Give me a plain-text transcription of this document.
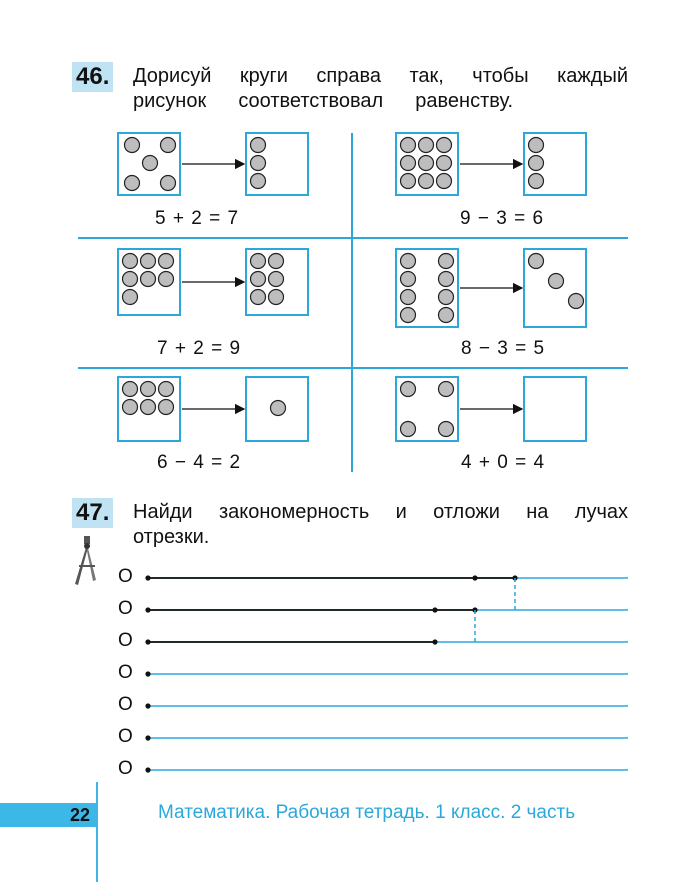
46. Дорисуй круги справа так, чтобы каждый
рисунок соответствовал равенству.
5 + 2 = 7	9 − 3 = 6
7 + 2 = 9	8 − 3 = 5
6 − 4 = 2	4 + 0 = 4
47. Найди закономерность и отложи на лучах
отрезки.
O
O
O
O
O
O
O
22	Математика. Рабочая тетрадь. 1 класс. 2 часть
